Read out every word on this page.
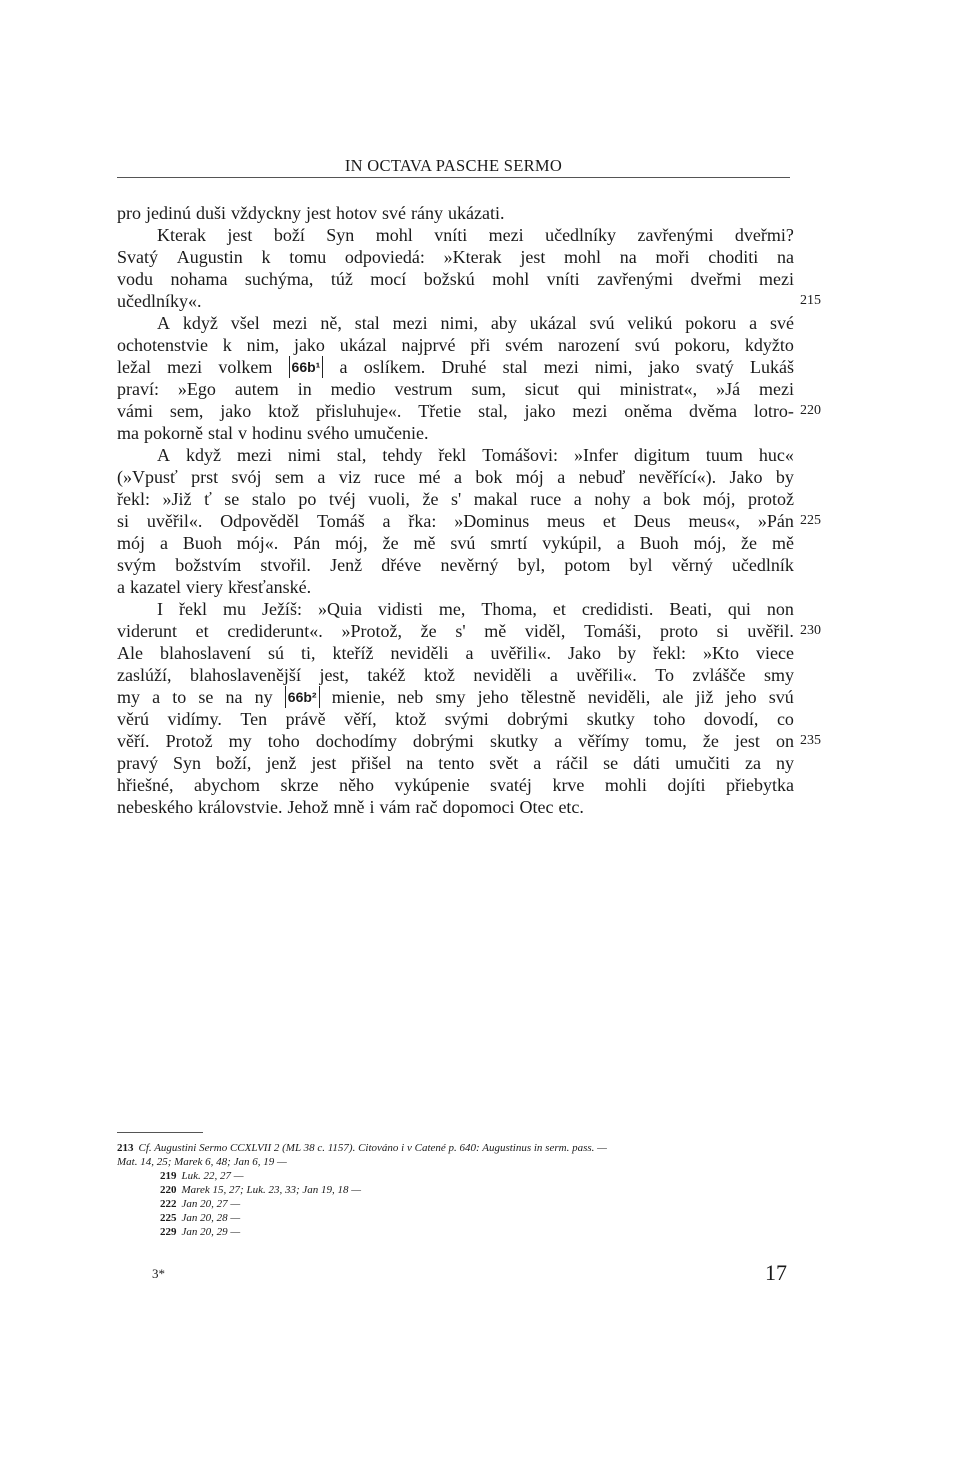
IN OCTAVA PASCHE SERMO
pro jedinú duši vždyckny jest hotov své rány ukázati.
Kterak jest boží Syn mohl vníti mezi učedlníky zavřenými dveřmi?
Svatý Augustin k tomu odpoviedá: »Kterak jest mohl na moři choditi na
vodu nohama suchýma, túž mocí božskú mohl vníti zavřenými dveřmi mezi
učedlníky«.
A když všel mezi ně, stal mezi nimi, aby ukázal svú velikú pokoru a své
ochotenstvie k nim, jako ukázal najprvé při svém narození svú pokoru, kdyžto
ležal mezi volkem 66b¹ a oslíkem. Druhé stal mezi nimi, jako svatý Lukáš
praví: »Ego autem in medio vestrum sum, sicut qui ministrat«, »Já mezi
vámi sem, jako ktož přisluhuje«. Třetie stal, jako mezi oněma dvěma lotro-
ma pokorně stal v hodinu svého umučenie.
A když mezi nimi stal, tehdy řekl Tomášovi: »Infer digitum tuum huc«
(»Vpusť prst svój sem a viz ruce mé a bok mój a nebuď nevěřící«). Jako by
řekl: »Již ť se stalo po tvéj vuoli, že s' makal ruce a nohy a bok mój, protož
si uvěřil«. Odpověděl Tomáš a řka: »Dominus meus et Deus meus«, »Pán
mój a Buoh mój«. Pán mój, že mě svú smrtí vykúpil, a Buoh mój, že mě
svým božstvím stvořil. Jenž dřéve nevěrný byl, potom byl věrný učedlník
a kazatel viery křesťanské.
I řekl mu Ježíš: »Quia vidisti me, Thoma, et credidisti. Beati, qui non
viderunt et crediderunt«. »Protož, že s' mě viděl, Tomáši, proto si uvěřil.
Ale blahoslavení sú ti, kteříž neviděli a uvěřili«. Jako by řekl: »Kto viece
zaslúží, blahoslavenější jest, takéž ktož neviděli a uvěřili«. To zvlášče smy
my a to se na ny 66b² mienie, neb smy jeho tělestně neviděli, ale již jeho svú
věrú vidímy. Ten právě věří, ktož svými dobrými skutky toho dovodí, co
věří. Protož my toho dochodímy dobrými skutky a věřímy tomu, že jest on
pravý Syn boží, jenž jest přišel na tento svět a ráčil se dáti umučiti za ny
hřiešné, abychom skrze něho vykúpenie svatéj krve mohli dojíti přiebytka
nebeského královstvie. Jehož mně i vám rač dopomoci Otec etc.
215
220
225
230
235
213 Cf. Augustini Sermo CCXLVII 2 (ML 38 c. 1157). Citováno i v Catené p. 640: Augustinus in serm. pass. —
Mat. 14, 25; Marek 6, 48; Jan 6, 19 —
219 Luk. 22, 27 —
220 Marek 15, 27; Luk. 23, 33; Jan 19, 18 —
222 Jan 20, 27 —
225 Jan 20, 28 —
229 Jan 20, 29 —
3*	17
